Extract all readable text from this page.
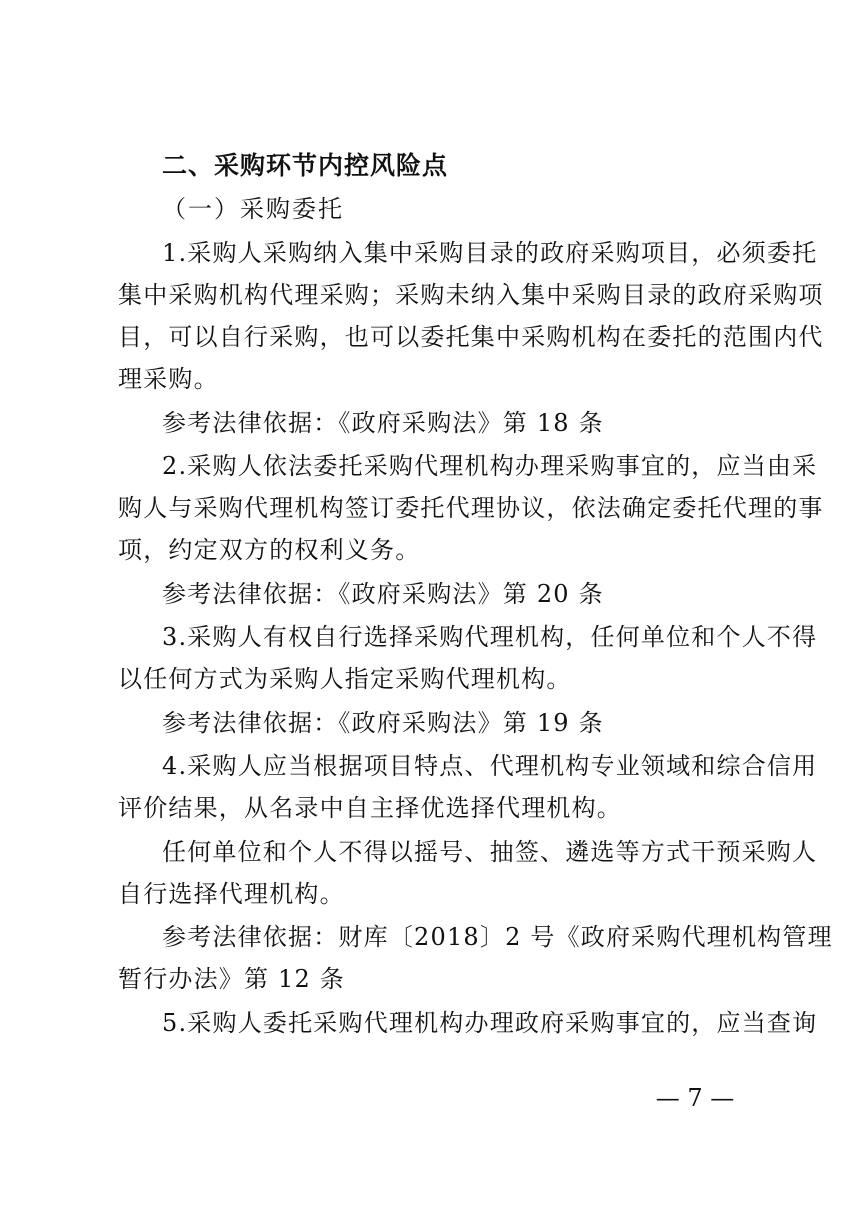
二、采购环节内控风险点
（一）采购委托

1.采购人采购纳入集中采购目录的政府采购项目，必须委托
集中采购机构代理采购；采购未纳入集中采购目录的政府采购项
目，可以自行采购，也可以委托集中采购机构在委托的范围内代
理采购。

参考法律依据：《政府采购法》第 18 条

2.采购人依法委托采购代理机构办理采购事宜的，应当由采
购人与采购代理机构签订委托代理协议，依法确定委托代理的事
项，约定双方的权利义务。

参考法律依据：《政府采购法》第 20 条

3.采购人有权自行选择采购代理机构，任何单位和个人不得
以任何方式为采购人指定采购代理机构。

参考法律依据：《政府采购法》第 19 条

4.采购人应当根据项目特点、代理机构专业领域和综合信用
评价结果，从名录中自主择优选择代理机构。

任何单位和个人不得以摇号、抽签、遴选等方式干预采购人
自行选择代理机构。

参考法律依据：财库〔2018〕2 号《政府采购代理机构管理
暂行办法》第 12 条

5.采购人委托采购代理机构办理政府采购事宜的，应当查询

— 7 —
